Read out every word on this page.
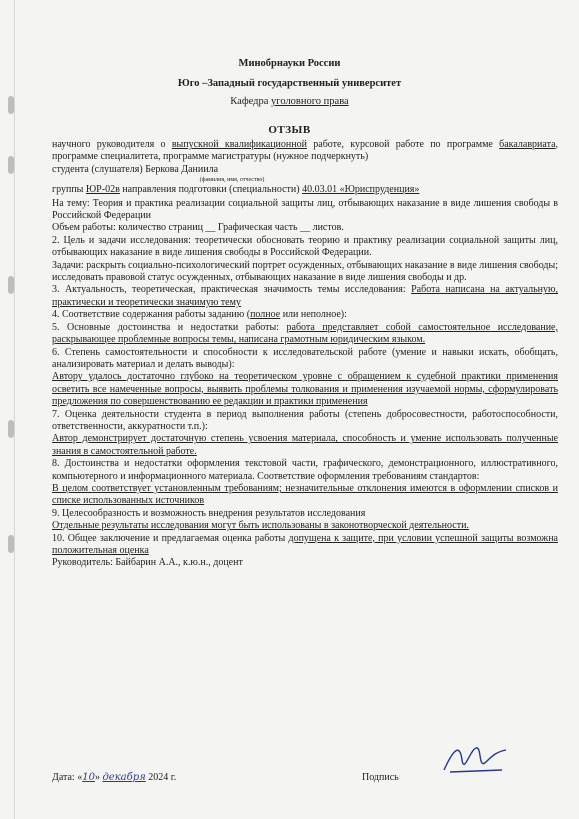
Минобрнауки России
Юго –Западный государственный университет
Кафедра уголовного права
ОТЗЫВ

научного руководителя о выпускной квалификационной работе, курсовой работе по программе бакалавриата, программе специалитета, программе магистратуры (нужное подчеркнуть)

студента (слушателя) Беркова Даниила

(фамилия, имя, отчество)

группы ЮР-02в направления подготовки (специальности) 40.03.01 «Юриспруденция»

На тему: Теория и практика реализации социальной защиты лиц, отбывающих наказание в виде лишения свободы в Российской Федерации

Объем работы: количество страниц __ Графическая часть __ листов.

2. Цель и задачи исследования: теоретически обосновать теорию и практику реализации социальной защиты лиц, отбывающих наказание в виде лишения свободы в Российской Федерации.

Задачи: раскрыть социально-психологический портрет осужденных, отбывающих наказание в виде лишения свободы; исследовать правовой статус осужденных, отбывающих наказание в виде лишения свободы и др.

3. Актуальность, теоретическая, практическая значимость темы исследования: Работа написана на актуальную, практически и теоретически значимую тему

4. Соответствие содержания работы заданию (полное или неполное):

5. Основные достоинства и недостатки работы: работа представляет собой самостоятельное исследование, раскрывающее проблемные вопросы темы, написана грамотным юридическим языком.

6. Степень самостоятельности и способности к исследовательской работе (умение и навыки искать, обобщать, анализировать материал и делать выводы):

Автору удалось достаточно глубоко на теоретическом уровне с обращением к судебной практики применения осветить все намеченные вопросы, выявить проблемы толкования и применения изучаемой нормы, сформулировать предложения по совершенствованию ее редакции и практики применения

7. Оценка деятельности студента в период выполнения работы (степень добросовестности, работоспособности, ответственности, аккуратности т.п.):

Автор демонстрирует достаточную степень усвоения материала, способность и умение использовать полученные знания в самостоятельной работе.

8. Достоинства и недостатки оформления текстовой части, графического, демонстрационного, иллюстративного, компьютерного и информационного материала. Соответствие оформления требованиям стандартов:

В целом соответствует установленным требованиям; незначительные отклонения имеются в оформлении списков и списке использованных источников

9. Целесообразность и возможность внедрения результатов исследования

Отдельные результаты исследования могут быть использованы в законотворческой деятельности.

10. Общее заключение и предлагаемая оценка работы допущена к защите, при условии успешной защиты возможна положительная оценка

Руководитель: Байбарин А.А., к.ю.н., доцент

Дата: «10» декабря 2024 г.	Подпись
